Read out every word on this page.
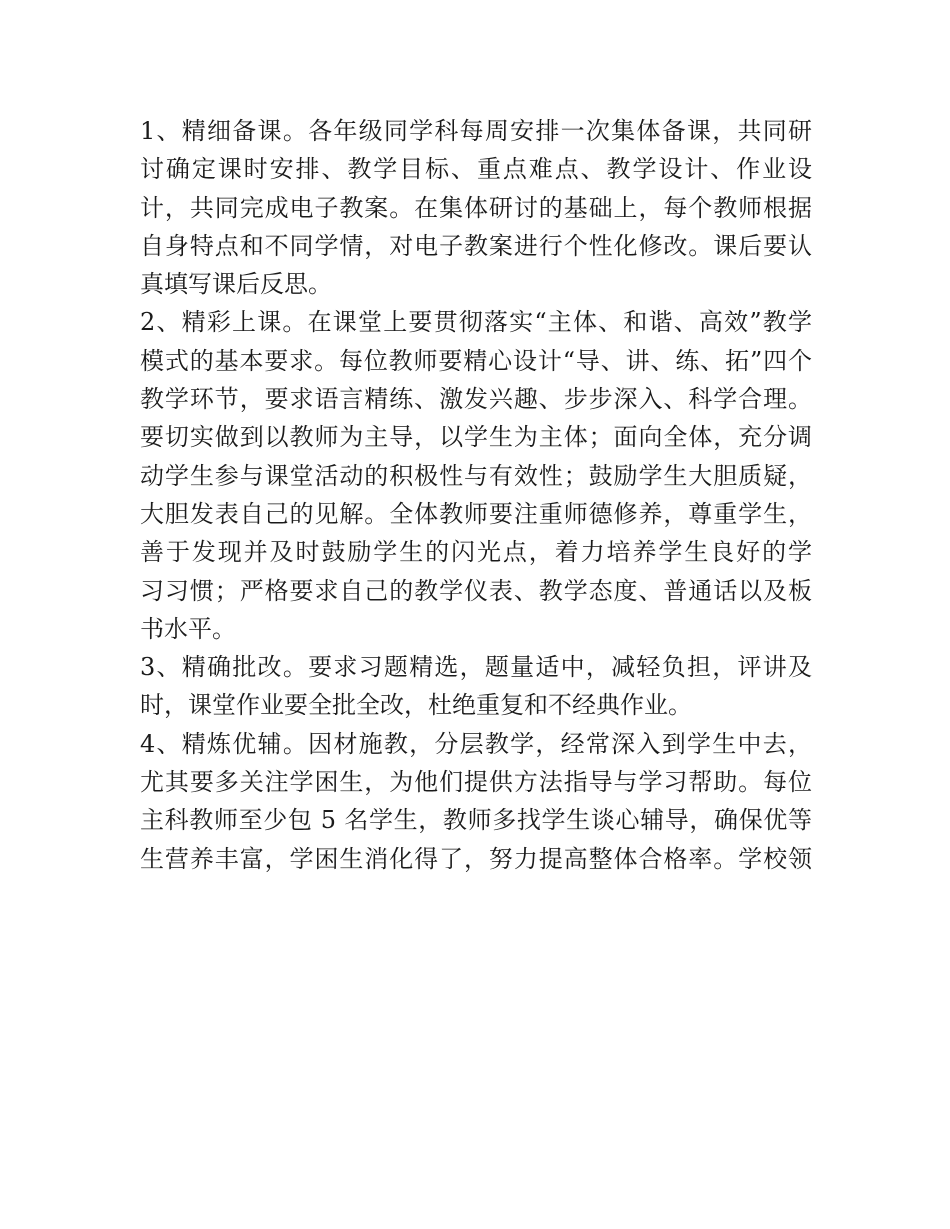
1、精细备课。各年级同学科每周安排一次集体备课，共同研
讨确定课时安排、教学目标、重点难点、教学设计、作业设
计，共同完成电子教案。在集体研讨的基础上，每个教师根据
自身特点和不同学情，对电子教案进行个性化修改。课后要认
真填写课后反思。
2、精彩上课。在课堂上要贯彻落实“主体、和谐、高效”教学
模式的基本要求。每位教师要精心设计“导、讲、练、拓”四个
教学环节，要求语言精练、激发兴趣、步步深入、科学合理。
要切实做到以教师为主导，以学生为主体；面向全体，充分调
动学生参与课堂活动的积极性与有效性；鼓励学生大胆质疑，
大胆发表自己的见解。全体教师要注重师德修养，尊重学生，
善于发现并及时鼓励学生的闪光点，着力培养学生良好的学
习习惯；严格要求自己的教学仪表、教学态度、普通话以及板
书水平。
3、精确批改。要求习题精选，题量适中，减轻负担，评讲及
时，课堂作业要全批全改，杜绝重复和不经典作业。
4、精炼优辅。因材施教，分层教学，经常深入到学生中去，
尤其要多关注学困生，为他们提供方法指导与学习帮助。每位
主科教师至少包 5 名学生，教师多找学生谈心辅导，确保优等
生营养丰富，学困生消化得了，努力提高整体合格率。学校领
